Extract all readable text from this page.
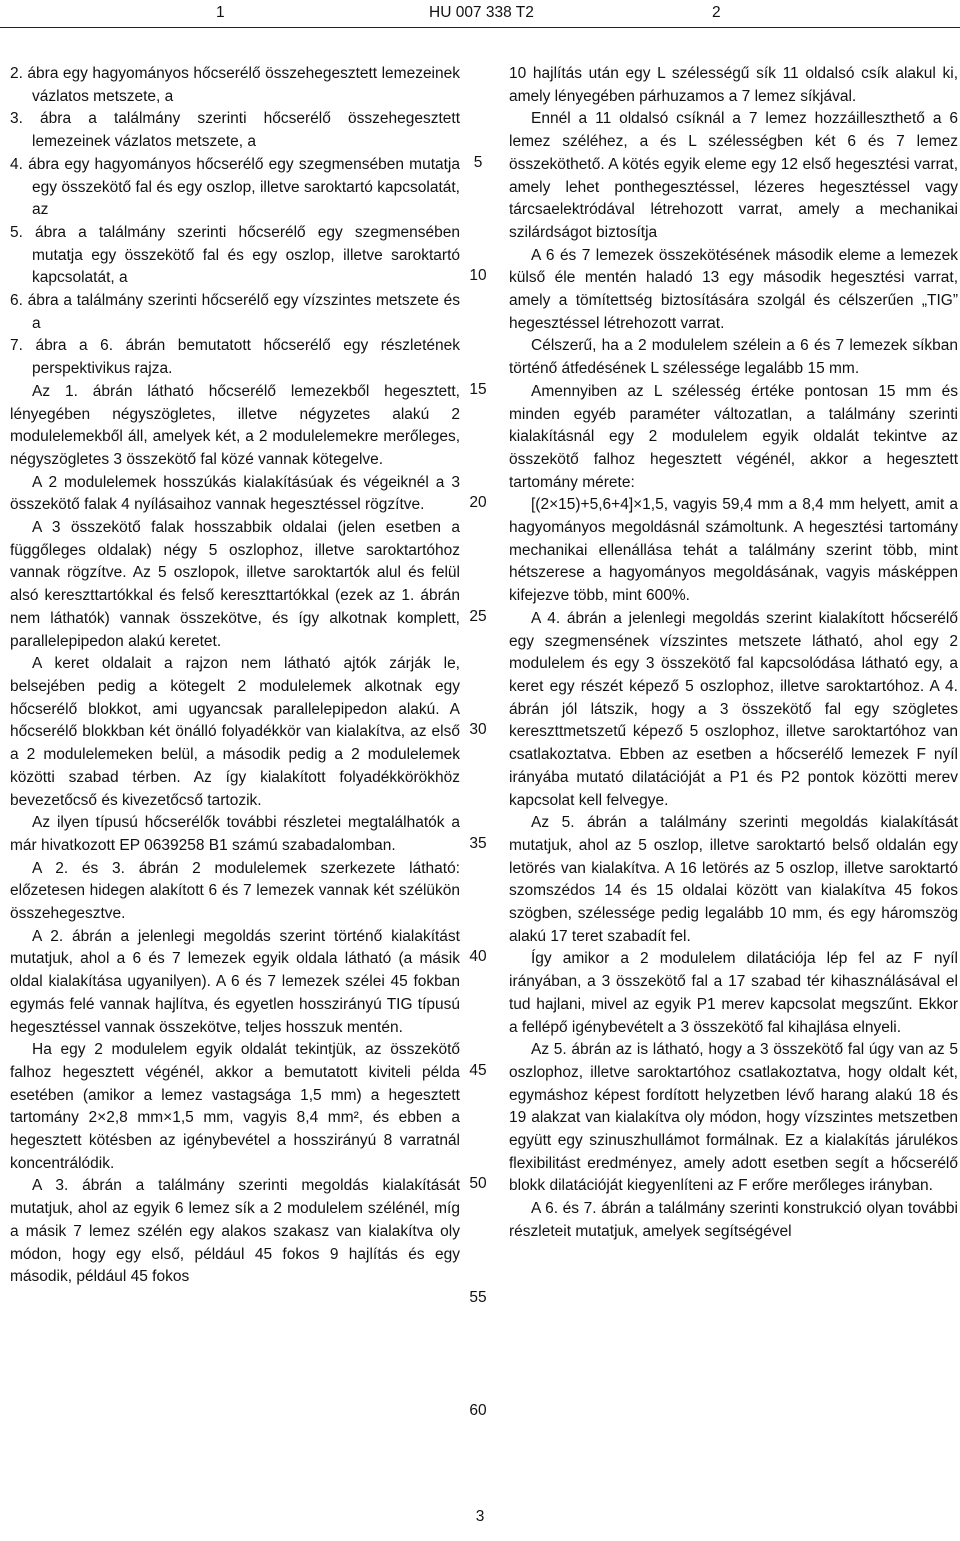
1	HU 007 338 T2	2

2. ábra egy hagyományos hőcserélő összehegesztett lemezeinek vázlatos metszete, a

3. ábra a találmány szerinti hőcserélő összehegesztett lemezeinek vázlatos metszete, a

4. ábra egy hagyományos hőcserélő egy szegmensében mutatja egy összekötő fal és egy oszlop, illetve saroktartó kapcsolatát, az

5. ábra a találmány szerinti hőcserélő egy szegmensében mutatja egy összekötő fal és egy oszlop, illetve saroktartó kapcsolatát, a

6. ábra a találmány szerinti hőcserélő egy vízszintes metszete és a

7. ábra a 6. ábrán bemutatott hőcserélő egy részletének perspektivikus rajza.

Az 1. ábrán látható hőcserélő lemezekből hegesztett, lényegében négyszögletes, illetve négyzetes alakú 2 modulelemekből áll, amelyek két, a 2 modulelemekre merőleges, négyszögletes 3 összekötő fal közé vannak kötegelve.

A 2 modulelemek hosszúkás kialakításúak és végeiknél a 3 összekötő falak 4 nyílásaihoz vannak hegesztéssel rögzítve.

A 3 összekötő falak hosszabbik oldalai (jelen esetben a függőleges oldalak) négy 5 oszlophoz, illetve saroktartóhoz vannak rögzítve. Az 5 oszlopok, illetve saroktartók alul és felül alsó kereszttartókkal és felső kereszttartókkal (ezek az 1. ábrán nem láthatók) vannak összekötve, és így alkotnak komplett, parallelepipedon alakú keretet.

A keret oldalait a rajzon nem látható ajtók zárják le, belsejében pedig a kötegelt 2 modulelemek alkotnak egy hőcserélő blokkot, ami ugyancsak parallelepipedon alakú. A hőcserélő blokkban két önálló folyadékkör van kialakítva, az első a 2 modulelemeken belül, a második pedig a 2 modulelemek közötti szabad térben. Az így kialakított folyadékkörökhöz bevezetőcső és kivezetőcső tartozik.

Az ilyen típusú hőcserélők további részletei megtalálhatók a már hivatkozott EP 0639258 B1 számú szabadalomban.

A 2. és 3. ábrán 2 modulelemek szerkezete látható: előzetesen hidegen alakított 6 és 7 lemezek vannak két szélükön összehegesztve.

A 2. ábrán a jelenlegi megoldás szerint történő kialakítást mutatjuk, ahol a 6 és 7 lemezek egyik oldala látható (a másik oldal kialakítása ugyanilyen). A 6 és 7 lemezek szélei 45 fokban egymás felé vannak hajlítva, és egyetlen hosszirányú TIG típusú hegesztéssel vannak összekötve, teljes hosszuk mentén.

Ha egy 2 modulelem egyik oldalát tekintjük, az összekötő falhoz hegesztett végénél, akkor a bemutatott kiviteli példa esetében (amikor a lemez vastagsága 1,5 mm) a hegesztett tartomány 2×2,8 mm×1,5 mm, vagyis 8,4 mm², és ebben a hegesztett kötésben az igénybevétel a hosszirányú 8 varratnál koncentrálódik.

A 3. ábrán a találmány szerinti megoldás kialakítását mutatjuk, ahol az egyik 6 lemez sík a 2 modulelem szélénél, míg a másik 7 lemez szélén egy alakos szakasz van kialakítva oly módon, hogy egy első, például 45 fokos 9 hajlítás és egy második, például 45 fokos

10 hajlítás után egy L szélességű sík 11 oldalsó csík alakul ki, amely lényegében párhuzamos a 7 lemez síkjával.

Ennél a 11 oldalsó csíknál a 7 lemez hozzáilleszthető a 6 lemez széléhez, a és L szélességben két 6 és 7 lemez összeköthető. A kötés egyik eleme egy 12 első hegesztési varrat, amely lehet ponthegesztéssel, lézeres hegesztéssel vagy tárcsaelektródával létrehozott varrat, amely a mechanikai szilárdságot biztosítja

A 6 és 7 lemezek összekötésének második eleme a lemezek külső éle mentén haladó 13 egy második hegesztési varrat, amely a tömítettség biztosítására szolgál és célszerűen „TIG” hegesztéssel létrehozott varrat.

Célszerű, ha a 2 modulelem szélein a 6 és 7 lemezek síkban történő átfedésének L szélessége legalább 15 mm.

Amennyiben az L szélesség értéke pontosan 15 mm és minden egyéb paraméter változatlan, a találmány szerinti kialakításnál egy 2 modulelem egyik oldalát tekintve az összekötő falhoz hegesztett végénél, akkor a hegesztett tartomány mérete:

[(2×15)+5,6+4]×1,5, vagyis 59,4 mm a 8,4 mm helyett, amit a hagyományos megoldásnál számoltunk. A hegesztési tartomány mechanikai ellenállása tehát a találmány szerint több, mint hétszerese a hagyományos megoldásának, vagyis másképpen kifejezve több, mint 600%.

A 4. ábrán a jelenlegi megoldás szerint kialakított hőcserélő egy szegmensének vízszintes metszete látható, ahol egy 2 modulelem és egy 3 összekötő fal kapcsolódása látható egy, a keret egy részét képező 5 oszlophoz, illetve saroktartóhoz. A 4. ábrán jól látszik, hogy a 3 összekötő fal egy szögletes kereszttmetszetű képező 5 oszlophoz, illetve saroktartóhoz van csatlakoztatva. Ebben az esetben a hőcserélő lemezek F nyíl irányába mutató dilatációját a P1 és P2 pontok közötti merev kapcsolat kell felvegye.

Az 5. ábrán a találmány szerinti megoldás kialakítását mutatjuk, ahol az 5 oszlop, illetve saroktartó belső oldalán egy letörés van kialakítva. A 16 letörés az 5 oszlop, illetve saroktartó szomszédos 14 és 15 oldalai között van kialakítva 45 fokos szögben, szélessége pedig legalább 10 mm, és egy háromszög alakú 17 teret szabadít fel.

Így amikor a 2 modulelem dilatációja lép fel az F nyíl irányában, a 3 összekötő fal a 17 szabad tér kihasználásával el tud hajlani, mivel az egyik P1 merev kapcsolat megszűnt. Ekkor a fellépő igénybevételt a 3 összekötő fal kihajlása elnyeli.

Az 5. ábrán az is látható, hogy a 3 összekötő fal úgy van az 5 oszlophoz, illetve saroktartóhoz csatlakoztatva, hogy oldalt két, egymáshoz képest fordított helyzetben lévő harang alakú 18 és 19 alakzat van kialakítva oly módon, hogy vízszintes metszetben együtt egy szinuszhullámot formálnak. Ez a kialakítás járulékos flexibilitást eredményez, amely adott esetben segít a hőcserélő blokk dilatációját kiegyenlíteni az F erőre merőleges irányban.

A 6. és 7. ábrán a találmány szerinti konstrukció olyan további részleteit mutatjuk, amelyek segítségével

5
10
15
20
25
30
35
40
45
50
55
60
3
